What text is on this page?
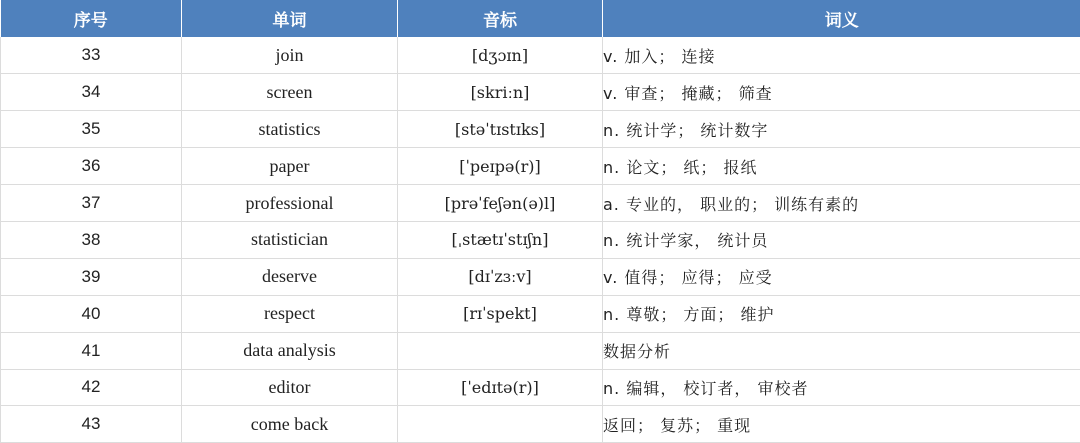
序号	单词	音标	词义
33	join	[dʒɔɪn]	v. 加入； 连接
34	screen	[skriːn]	v. 审查； 掩藏； 筛查
35	statistics	[stəˈtɪstɪks]	n. 统计学； 统计数字
36	paper	[ˈpeɪpə(r)]	n. 论文； 纸； 报纸
37	professional	[prəˈfeʃən(ə)l]	a. 专业的， 职业的； 训练有素的
38	statistician	[ˌstætɪˈstɪʃn]	n. 统计学家， 统计员
39	deserve	[dɪˈzɜːv]	v. 值得； 应得； 应受
40	respect	[rɪˈspekt]	n. 尊敬； 方面； 维护
41	data analysis		数据分析
42	editor	[ˈedɪtə(r)]	n. 编辑， 校订者， 审校者
43	come back		返回； 复苏； 重现
